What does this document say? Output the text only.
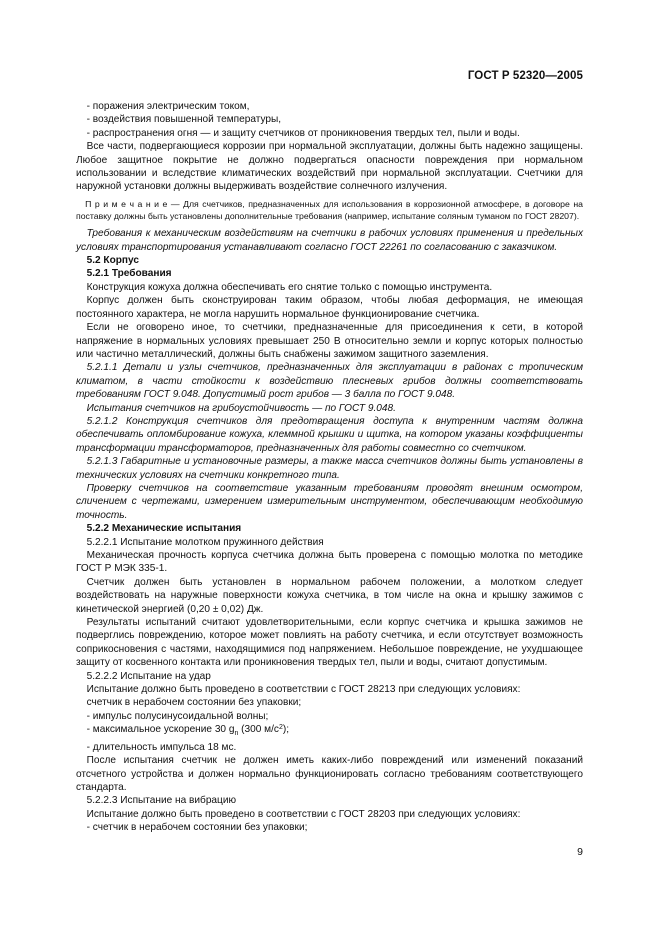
ГОСТ Р 52320—2005

- поражения электрическим током,

- воздействия повышенной температуры,

- распространения огня — и защиту счетчиков от проникновения твердых тел, пыли и воды.

Все части, подвергающиеся коррозии при нормальной эксплуатации, должны быть надежно защищены. Любое защитное покрытие не должно подвергаться опасности повреждения при нормальном использовании и вследствие климатических воздействий при нормальной эксплуатации. Счетчики для наружной установки должны выдерживать воздействие солнечного излучения.

П р и м е ч а н и е — Для счетчиков, предназначенных для использования в коррозионной атмосфере, в договоре на поставку должны быть установлены дополнительные требования (например, испытание соляным туманом по ГОСТ 28207).

Требования к механическим воздействиям на счетчики в рабочих условиях применения и предельных условиях транспортирования устанавливают согласно ГОСТ 22261 по согласованию с заказчиком.

5.2 Корпус

5.2.1 Требования

Конструкция кожуха должна обеспечивать его снятие только с помощью инструмента.

Корпус должен быть сконструирован таким образом, чтобы любая деформация, не имеющая постоянного характера, не могла нарушить нормальное функционирование счетчика.

Если не оговорено иное, то счетчики, предназначенные для присоединения к сети, в которой напряжение в нормальных условиях превышает 250 В относительно земли и корпус которых полностью или частично металлический, должны быть снабжены зажимом защитного заземления.

5.2.1.1 Детали и узлы счетчиков, предназначенных для эксплуатации в районах с тропическим климатом, в части стойкости к воздействию плесневых грибов должны соответствовать требованиям ГОСТ 9.048. Допустимый рост грибов — 3 балла по ГОСТ 9.048.

Испытания счетчиков на грибоустойчивость — по ГОСТ 9.048.

5.2.1.2 Конструкция счетчиков для предотвращения доступа к внутренним частям должна обеспечивать опломбирование кожуха, клеммной крышки и щитка, на котором указаны коэффициенты трансформации трансформаторов, предназначенных для работы совместно со счетчиком.

5.2.1.3 Габаритные и установочные размеры, а также масса счетчиков должны быть установлены в технических условиях на счетчики конкретного типа.

Проверку счетчиков на соответствие указанным требованиям проводят внешним осмотром, сличением с чертежами, измерением измерительным инструментом, обеспечивающим необходимую точность.

5.2.2 Механические испытания

5.2.2.1 Испытание молотком пружинного действия

Механическая прочность корпуса счетчика должна быть проверена с помощью молотка по методике ГОСТ Р МЭК 335-1.

Счетчик должен быть установлен в нормальном рабочем положении, а молотком следует воздействовать на наружные поверхности кожуха счетчика, в том числе на окна и крышку зажимов с кинетической энергией (0,20 ± 0,02) Дж.

Результаты испытаний считают удовлетворительными, если корпус счетчика и крышка зажимов не подверглись повреждению, которое может повлиять на работу счетчика, и если отсутствует возможность соприкосновения с частями, находящимися под напряжением. Небольшое повреждение, не ухудшающее защиту от косвенного контакта или проникновения твердых тел, пыли и воды, считают допустимым.

5.2.2.2 Испытание на удар

Испытание должно быть проведено в соответствии с ГОСТ 28213 при следующих условиях:

счетчик в нерабочем состоянии без упаковки;

- импульс полусинусоидальной волны;

- максимальное ускорение 30 $g_n$ (300 $м/с^2$);

- длительность импульса 18 мс.

После испытания счетчик не должен иметь каких-либо повреждений или изменений показаний отсчетного устройства и должен нормально функционировать согласно требованиям соответствующего стандарта.

5.2.2.3 Испытание на вибрацию

Испытание должно быть проведено в соответствии с ГОСТ 28203 при следующих условиях:

- счетчик в нерабочем состоянии без упаковки;

9
